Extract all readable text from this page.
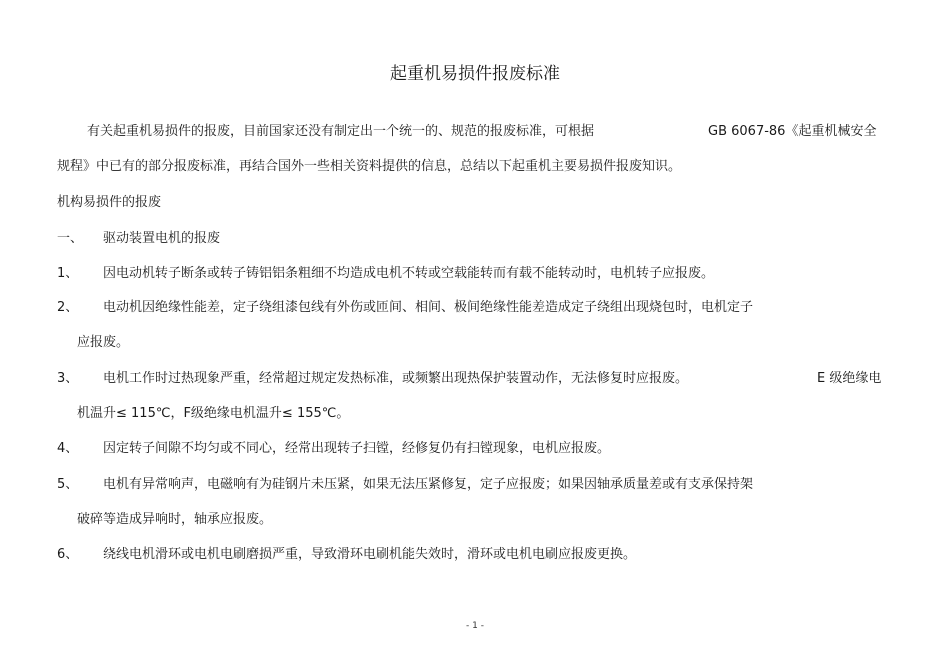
起重机易损件报废标准
有关起重机易损件的报废，目前国家还没有制定出一个统一的、规范的报废标准，可根据	GB 6067-86《起重机械安全
规程》中已有的部分报废标准，再结合国外一些相关资料提供的信息，总结以下起重机主要易损件报废知识。
机构易损件的报废
一、 驱动装置电机的报废
1、 因电动机转子断条或转子铸铝铝条粗细不均造成电机不转或空载能转而有载不能转动时，电机转子应报废。
2、 电动机因绝缘性能差，定子绕组漆包线有外伤或匝间、相间、极间绝缘性能差造成定子绕组出现烧包时，电机定子
应报废。
3、 电机工作时过热现象严重，经常超过规定发热标准，或频繁出现热保护装置动作，无法修复时应报废。	E 级绝缘电
机温升≤ 115℃，F级绝缘电机温升≤ 155℃。
4、 因定转子间隙不均匀或不同心，经常出现转子扫镗，经修复仍有扫镗现象，电机应报废。
5、 电机有异常响声，电磁响有为硅钢片未压紧，如果无法压紧修复，定子应报废；如果因轴承质量差或有支承保持架
破碎等造成异响时，轴承应报废。
6、 绕线电机滑环或电机电刷磨损严重，导致滑环电刷机能失效时，滑环或电机电刷应报废更换。
- 1 -
